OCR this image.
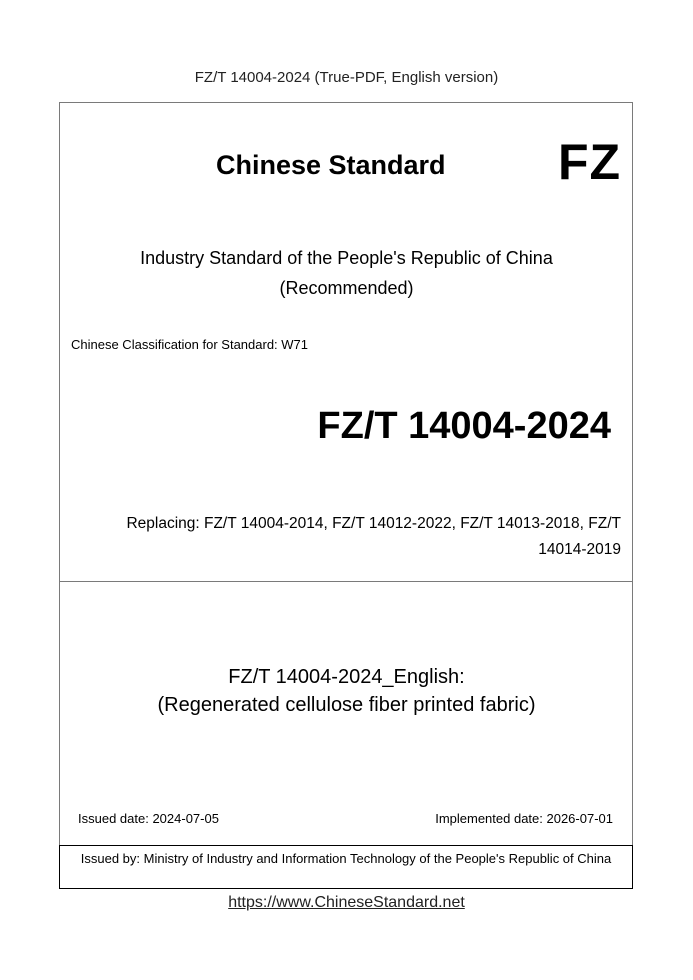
FZ/T 14004-2024 (True-PDF, English version)
Chinese Standard FZ
Industry Standard of the People's Republic of China
(Recommended)
Chinese Classification for Standard: W71
FZ/T 14004-2024
Replacing: FZ/T 14004-2014, FZ/T 14012-2022, FZ/T 14013-2018, FZ/T
14014-2019
FZ/T 14004-2024_English:
(Regenerated cellulose fiber printed fabric)
Issued date: 2024-07-05	Implemented date: 2026-07-01
Issued by: Ministry of Industry and Information Technology of the People's Republic of China
https://www.ChineseStandard.net
